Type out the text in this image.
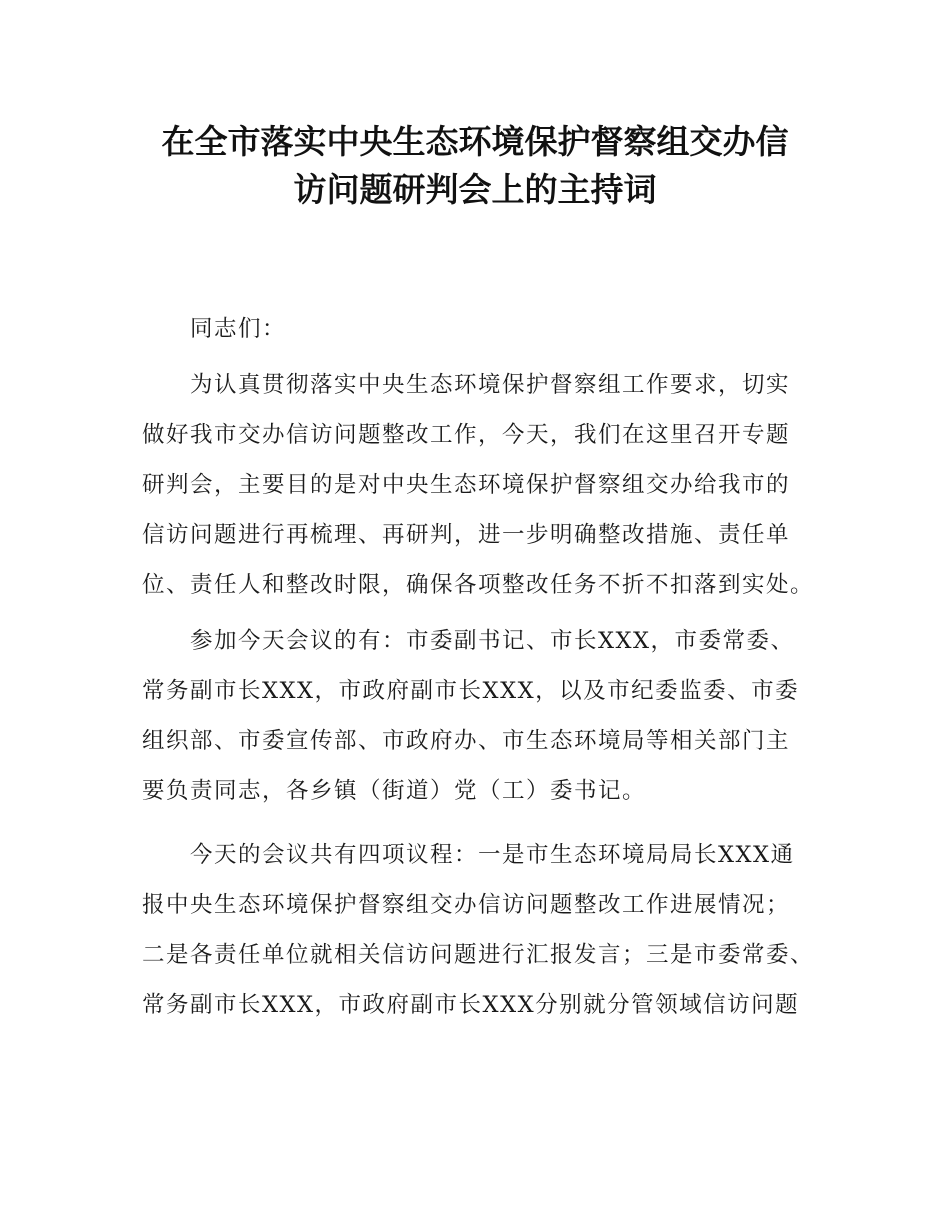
在全市落实中央生态环境保护督察组交办信
访问题研判会上的主持词
同志们：
为认真贯彻落实中央生态环境保护督察组工作要求，切实
做好我市交办信访问题整改工作，今天，我们在这里召开专题
研判会，主要目的是对中央生态环境保护督察组交办给我市的
信访问题进行再梳理、再研判，进一步明确整改措施、责任单
位、责任人和整改时限，确保各项整改任务不折不扣落到实处。
参加今天会议的有：市委副书记、市长XXX，市委常委、
常务副市长XXX，市政府副市长XXX，以及市纪委监委、市委
组织部、市委宣传部、市政府办、市生态环境局等相关部门主
要负责同志，各乡镇（街道）党（工）委书记。
今天的会议共有四项议程：一是市生态环境局局长XXX通
报中央生态环境保护督察组交办信访问题整改工作进展情况；
二是各责任单位就相关信访问题进行汇报发言；三是市委常委、
常务副市长XXX，市政府副市长XXX分别就分管领域信访问题
